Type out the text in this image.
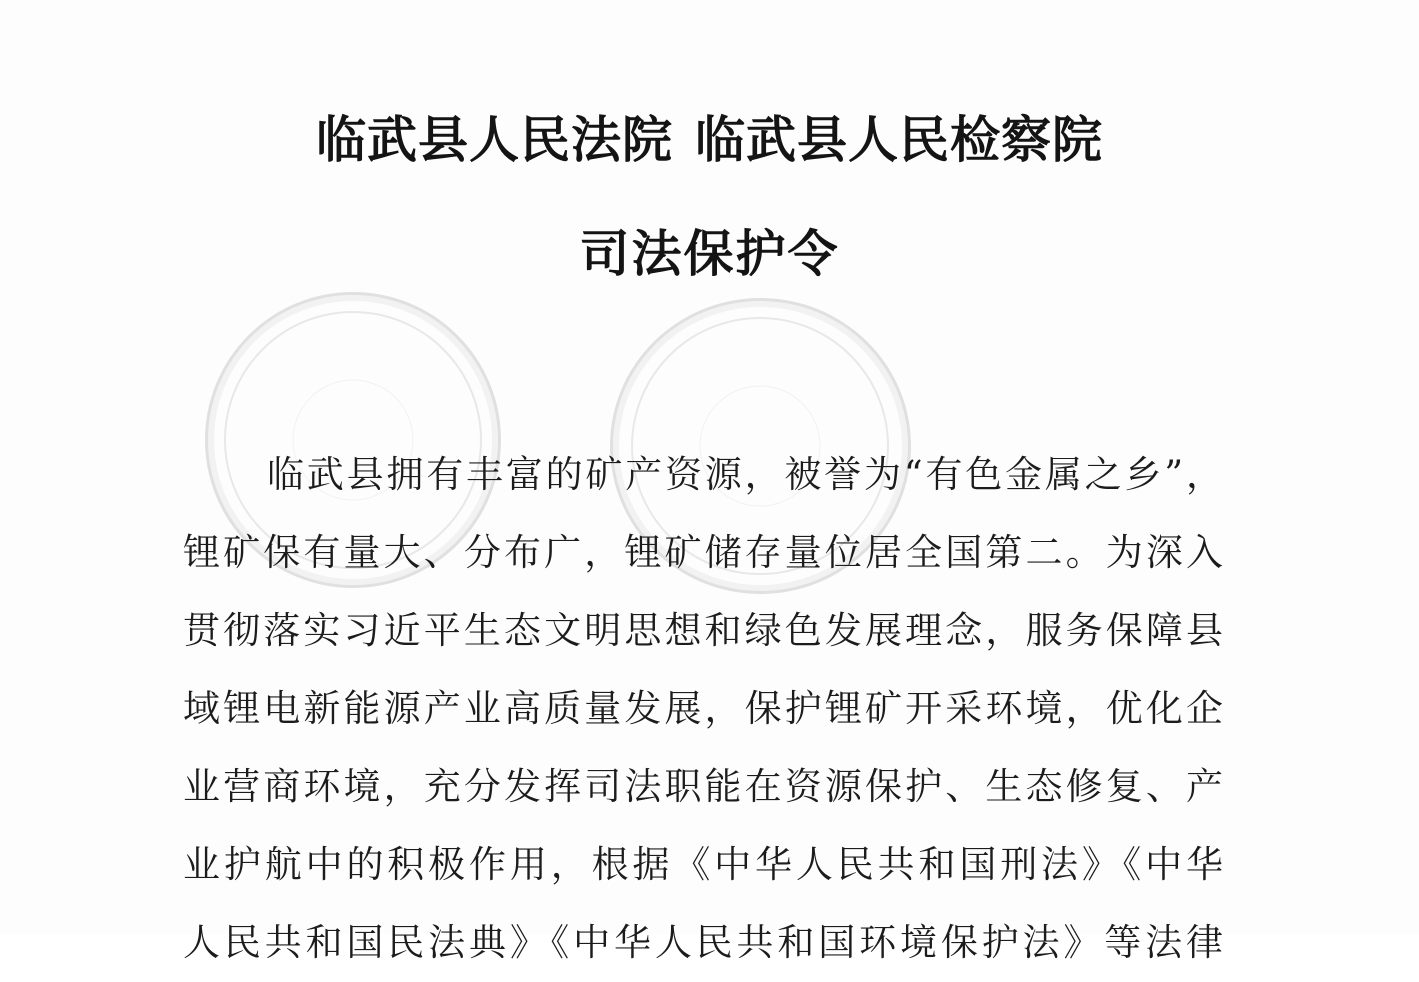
临武县人民法院 临武县人民检察院
司法保护令
临武县拥有丰富的矿产资源，被誉为“有色金属之乡”，
锂矿保有量大、分布广，锂矿储存量位居全国第二。为深入
贯彻落实习近平生态文明思想和绿色发展理念，服务保障县
域锂电新能源产业高质量发展，保护锂矿开采环境，优化企
业营商环境，充分发挥司法职能在资源保护、生态修复、产
业护航中的积极作用，根据《中华人民共和国刑法》《中华
人民共和国民法典》《中华人民共和国环境保护法》等法律
